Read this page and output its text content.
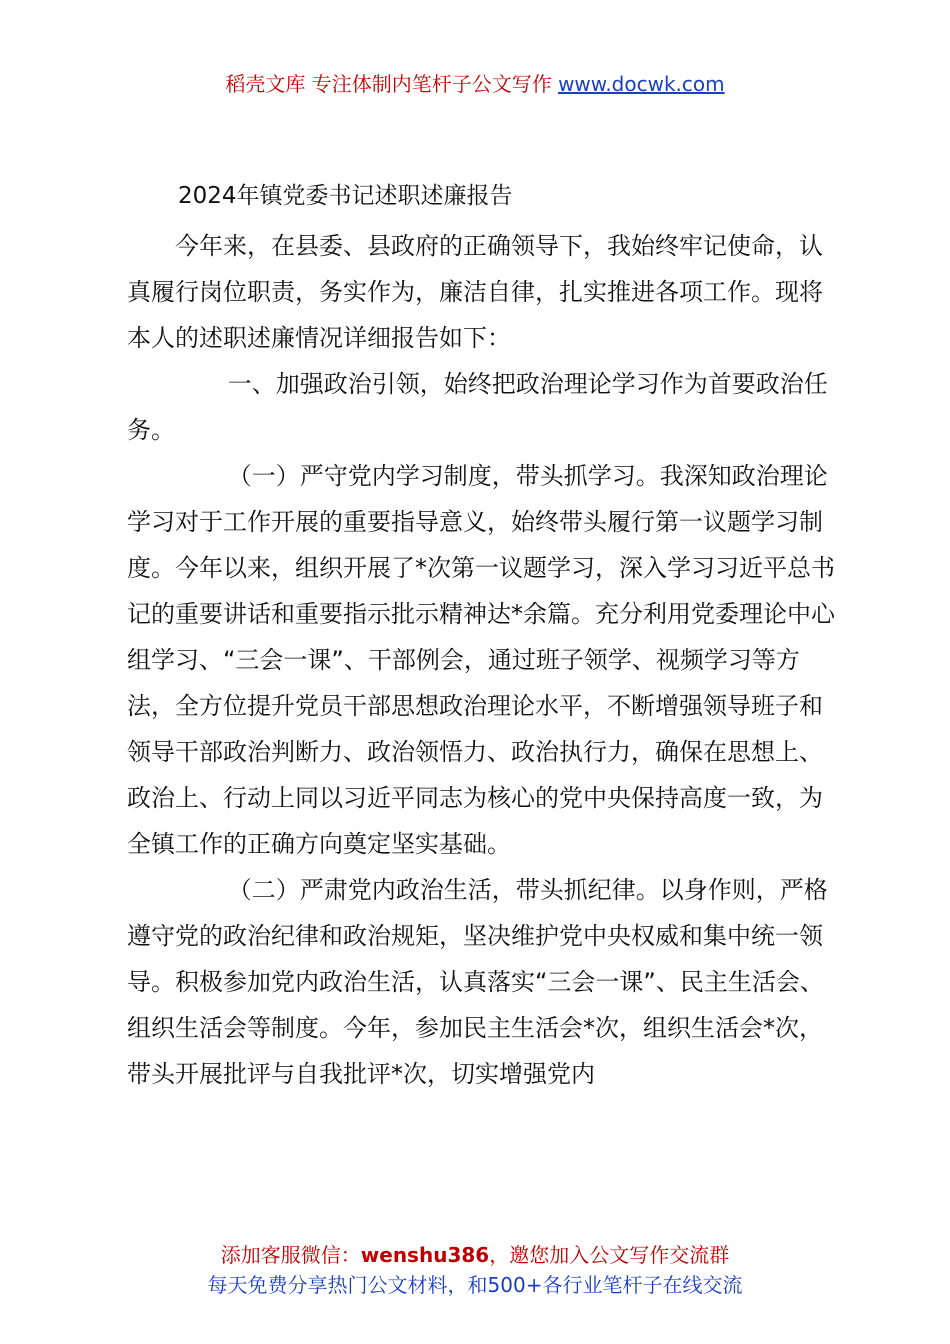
稻壳文库 专注体制内笔杆子公文写作 www.docwk.com
2024年镇党委书记述职述廉报告

今年来，在县委、县政府的正确领导下，我始终牢记使命，认真履行岗位职责，务实作为，廉洁自律，扎实推进各项工作。现将本人的述职述廉情况详细报告如下：

一、加强政治引领，始终把政治理论学习作为首要政治任务。

（一）严守党内学习制度，带头抓学习。我深知政治理论学习对于工作开展的重要指导意义，始终带头履行第一议题学习制度。今年以来，组织开展了*次第一议题学习，深入学习习近平总书记的重要讲话和重要指示批示精神达*余篇。充分利用党委理论中心组学习、“三会一课”、干部例会，通过班子领学、视频学习等方法，全方位提升党员干部思想政治理论水平，不断增强领导班子和领导干部政治判断力、政治领悟力、政治执行力，确保在思想上、政治上、行动上同以习近平同志为核心的党中央保持高度一致，为全镇工作的正确方向奠定坚实基础。

（二）严肃党内政治生活，带头抓纪律。以身作则，严格遵守党的政治纪律和政治规矩，坚决维护党中央权威和集中统一领导。积极参加党内政治生活，认真落实“三会一课”、民主生活会、组织生活会等制度。今年，参加民主生活会*次，组织生活会*次，带头开展批评与自我批评*次，切实增强党内

添加客服微信：wenshu386，邀您加入公文写作交流群
每天免费分享热门公文材料，和500+各行业笔杆子在线交流
